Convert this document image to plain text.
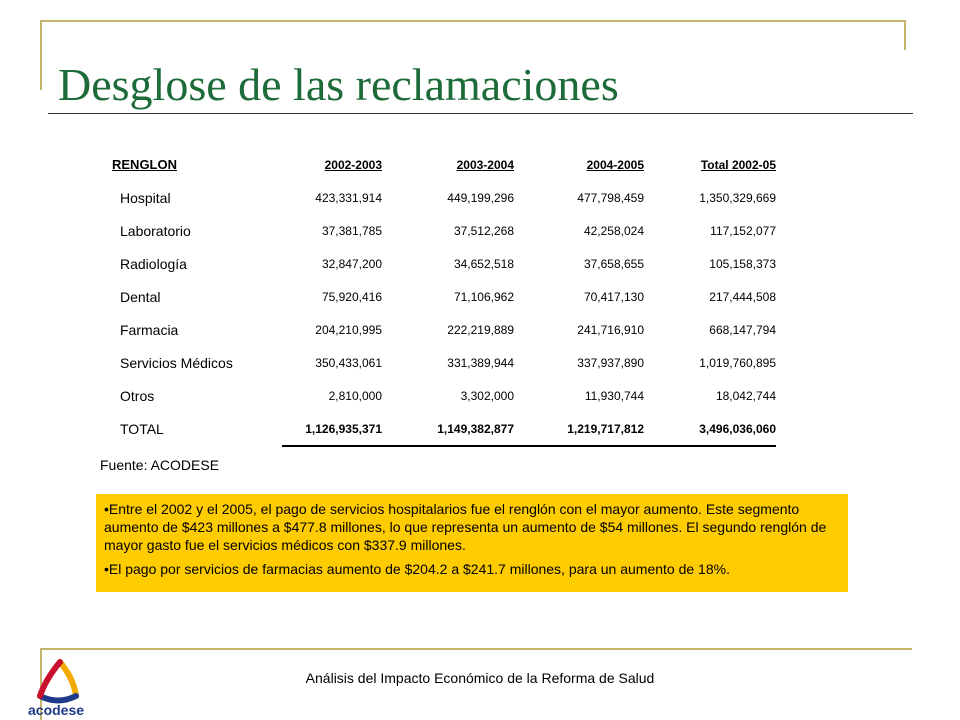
Desglose de las reclamaciones
RENGLON	2002-2003	2003-2004	2004-2005	Total 2002-05
Hospital	423,331,914	449,199,296	477,798,459	1,350,329,669
Laboratorio	37,381,785	37,512,268	42,258,024	117,152,077
Radiología	32,847,200	34,652,518	37,658,655	105,158,373
Dental	75,920,416	71,106,962	70,417,130	217,444,508
Farmacia	204,210,995	222,219,889	241,716,910	668,147,794
Servicios Médicos	350,433,061	331,389,944	337,937,890	1,019,760,895
Otros	2,810,000	3,302,000	11,930,744	18,042,744
TOTAL	1,126,935,371	1,149,382,877	1,219,717,812	3,496,036,060

Fuente: ACODESE

•Entre el 2002 y el 2005, el pago de servicios hospitalarios fue el renglón con el mayor aumento. Este segmento aumento de $423 millones a $477.8 millones, lo que representa un aumento de $54 millones. El segundo renglón de mayor gasto fue el servicios médicos con $337.9 millones.

•El pago por servicios de farmacias aumento de $204.2 a $241.7 millones, para un aumento de 18%.

Análisis del Impacto Económico de la Reforma de Salud
acodese
